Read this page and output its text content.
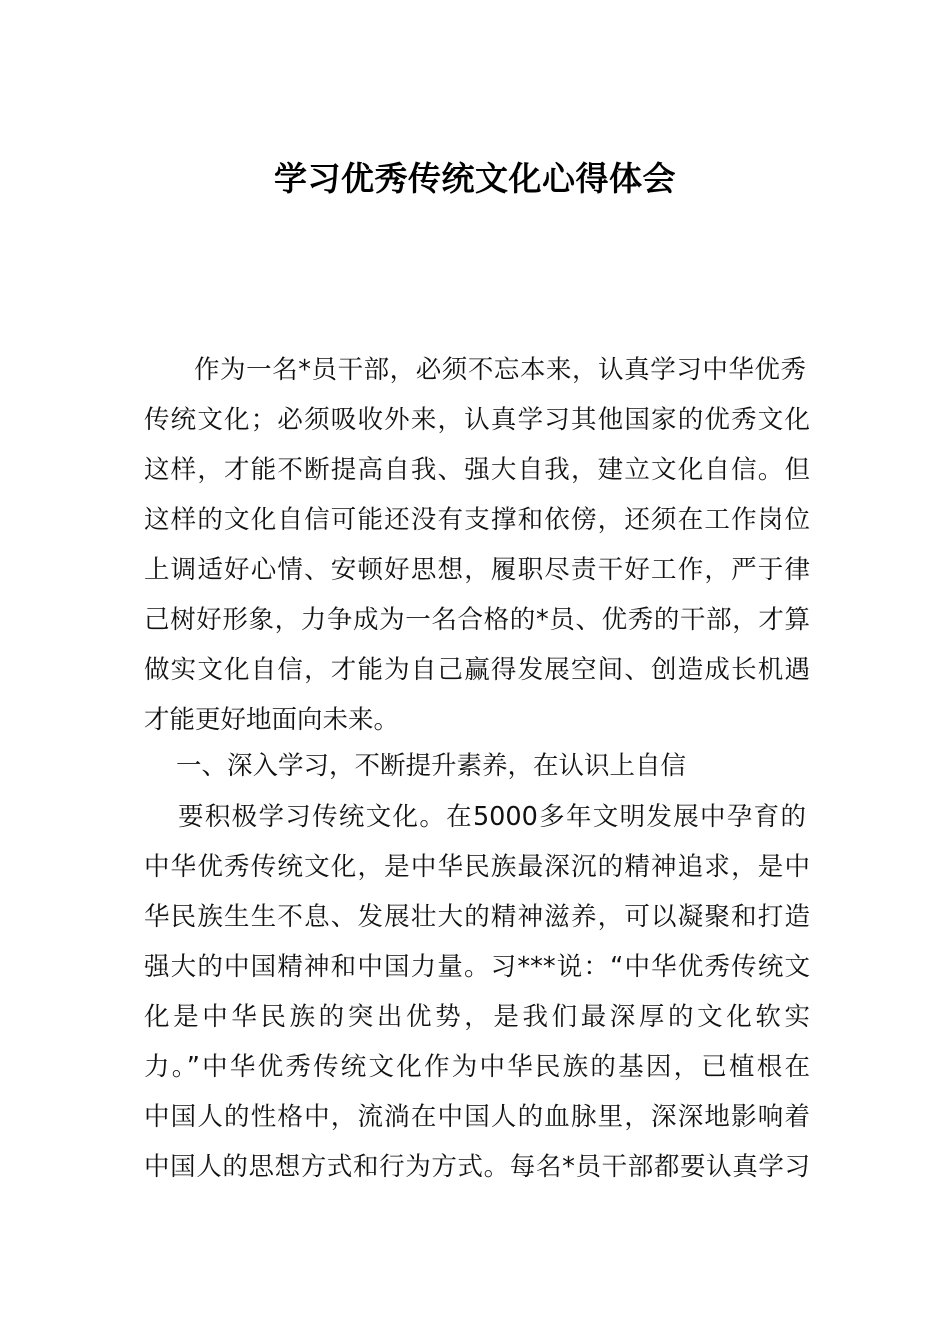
学习优秀传统文化心得体会

作为一名*员干部，必须不忘本来，认真学习中华优秀

传统文化；必须吸收外来，认真学习其他国家的优秀文化

这样，才能不断提高自我、强大自我，建立文化自信。但

这样的文化自信可能还没有支撑和依傍，还须在工作岗位

上调适好心情、安顿好思想，履职尽责干好工作，严于律

己树好形象，力争成为一名合格的*员、优秀的干部，才算

做实文化自信，才能为自己赢得发展空间、创造成长机遇

才能更好地面向未来。

一、深入学习，不断提升素养，在认识上自信

要积极学习传统文化。在5000多年文明发展中孕育的

中华优秀传统文化，是中华民族最深沉的精神追求，是中

华民族生生不息、发展壮大的精神滋养，可以凝聚和打造

强大的中国精神和中国力量。习***说：“中华优秀传统文

化是中华民族的突出优势，是我们最深厚的文化软实

力。”中华优秀传统文化作为中华民族的基因，已植根在

中国人的性格中，流淌在中国人的血脉里，深深地影响着

中国人的思想方式和行为方式。每名*员干部都要认真学习
